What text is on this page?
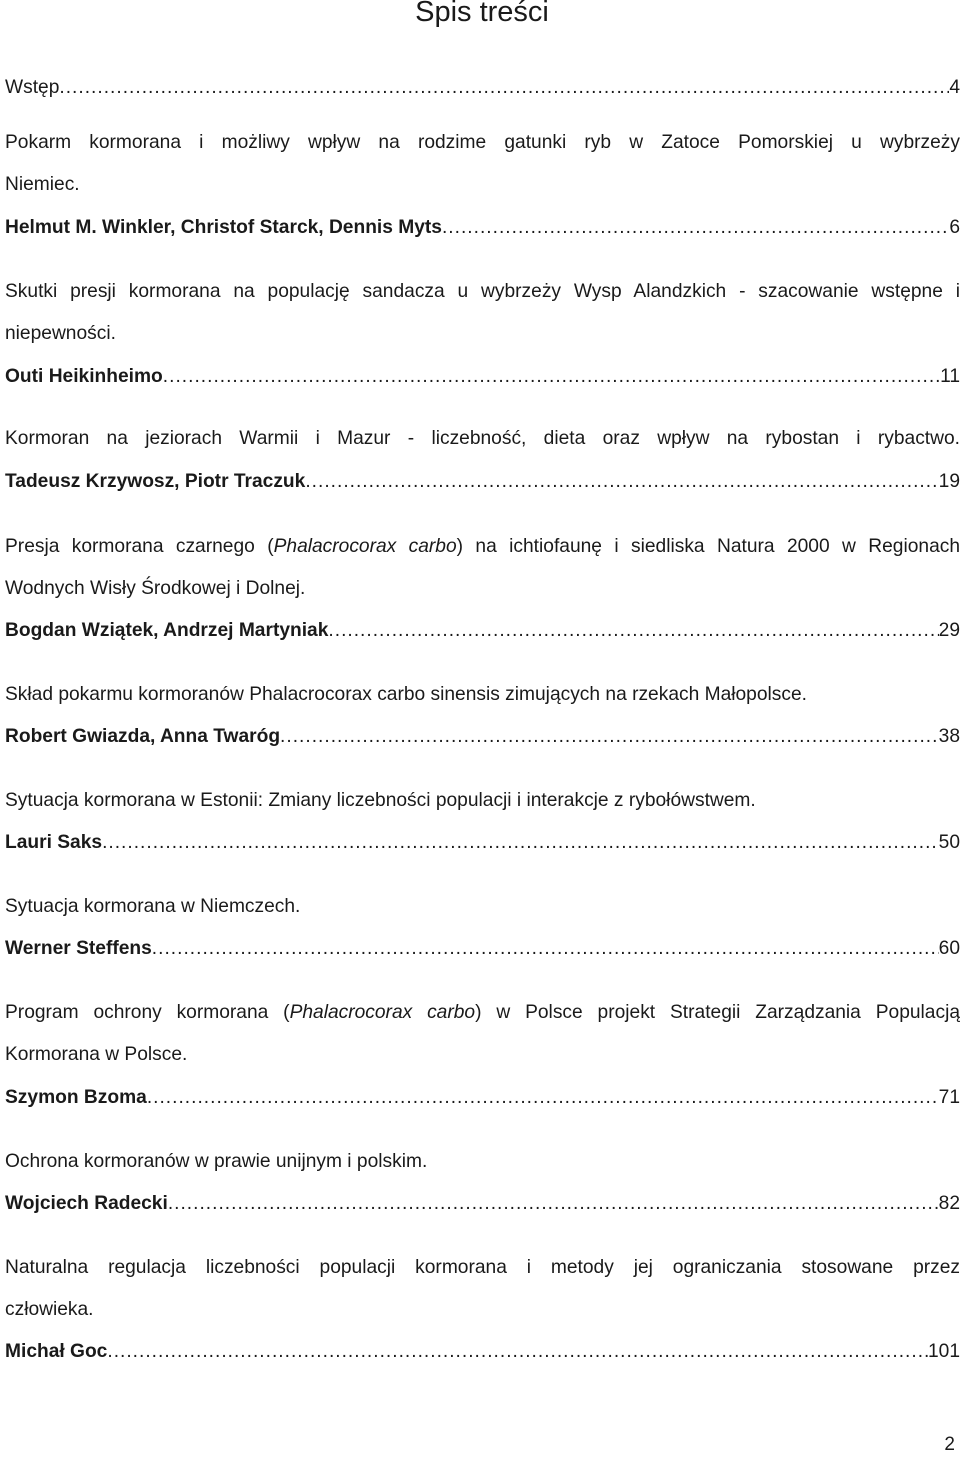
Spis treści
Wstęp .....	4
Pokarm kormorana i możliwy wpływ na rodzime gatunki ryb w Zatoce Pomorskiej u wybrzeży
Niemiec.
Helmut M. Winkler, Christof Starck, Dennis Myts .....	6
Skutki presji kormorana na populację sandacza u wybrzeży Wysp Alandzkich - szacowanie wstępne i
niepewności.
Outi Heikinheimo .....	11
Kormoran na jeziorach Warmii i Mazur - liczebność, dieta oraz wpływ na rybostan i rybactwo.
Tadeusz Krzywosz, Piotr Traczuk .....	19
Presja kormorana czarnego (Phalacrocorax carbo) na ichtiofaunę i siedliska Natura 2000 w Regionach
Wodnych Wisły Środkowej i Dolnej.
Bogdan Wziątek, Andrzej Martyniak .....	29
Skład pokarmu kormoranów Phalacrocorax carbo sinensis zimujących na rzekach Małopolsce.
Robert Gwiazda, Anna Twaróg .....	38
Sytuacja kormorana w Estonii: Zmiany liczebności populacji i interakcje z rybołówstwem.
Lauri Saks .....	50
Sytuacja kormorana w Niemczech.
Werner Steffens .....	60
Program ochrony kormorana (Phalacrocorax carbo) w Polsce projekt Strategii Zarządzania Populacją
Kormorana w Polsce.
Szymon Bzoma .....	71
Ochrona kormoranów w prawie unijnym i polskim.
Wojciech Radecki .....	82
Naturalna regulacja liczebności populacji kormorana i metody jej ograniczania stosowane przez
człowieka.
Michał Goc .....	101
2
